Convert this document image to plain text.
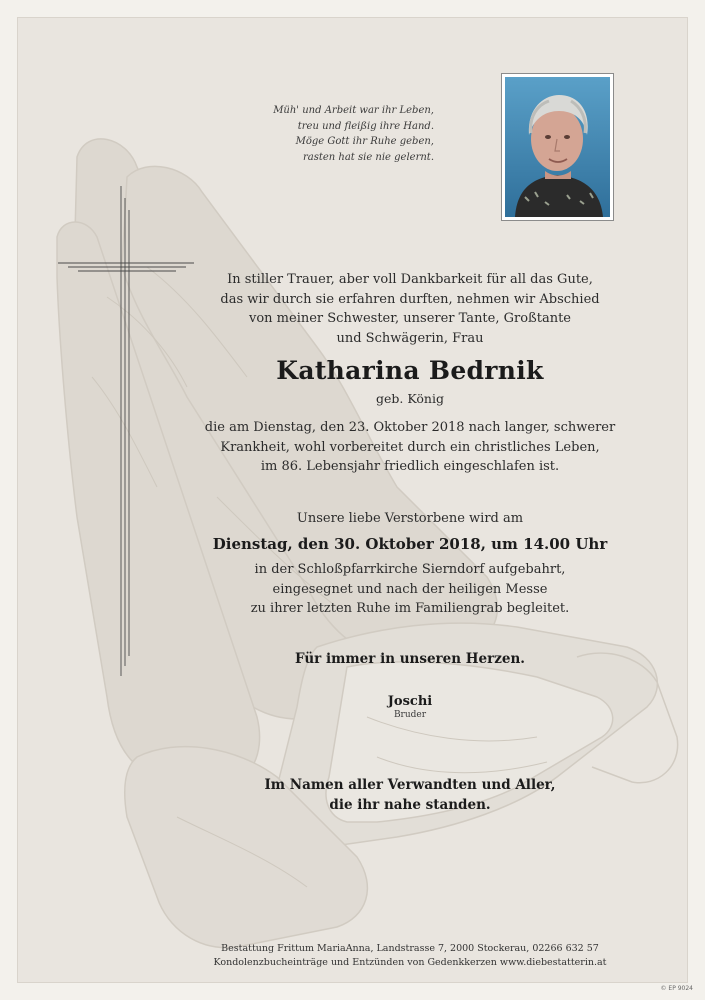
Müh' und Arbeit war ihr Leben,
treu und fleißig ihre Hand.
Möge Gott ihr Ruhe geben,
rasten hat sie nie gelernt.
In stiller Trauer, aber voll Dankbarkeit für all das Gute,
das wir durch sie erfahren durften, nehmen wir Abschied
von meiner Schwester, unserer Tante, Großtante
und Schwägerin, Frau
Katharina Bedrnik
geb. König
die am Dienstag, den 23. Oktober 2018 nach langer, schwerer
Krankheit, wohl vorbereitet durch ein christliches Leben,
im 86. Lebensjahr friedlich eingeschlafen ist.
Unsere liebe Verstorbene wird am
Dienstag, den 30. Oktober 2018, um 14.00 Uhr
in der Schloßpfarrkirche Sierndorf aufgebahrt,
eingesegnet und nach der heiligen Messe
zu ihrer letzten Ruhe im Familiengrab begleitet.
Für immer in unseren Herzen.
Joschi
Bruder
Im Namen aller Verwandten und Aller,
die ihr nahe standen.
Bestattung Frittum MariaAnna, Landstrasse 7, 2000 Stockerau, 02266 632 57
Kondolenzbucheinträge und Entzünden von Gedenkkerzen www.diebestatterin.at
© EP 9024
